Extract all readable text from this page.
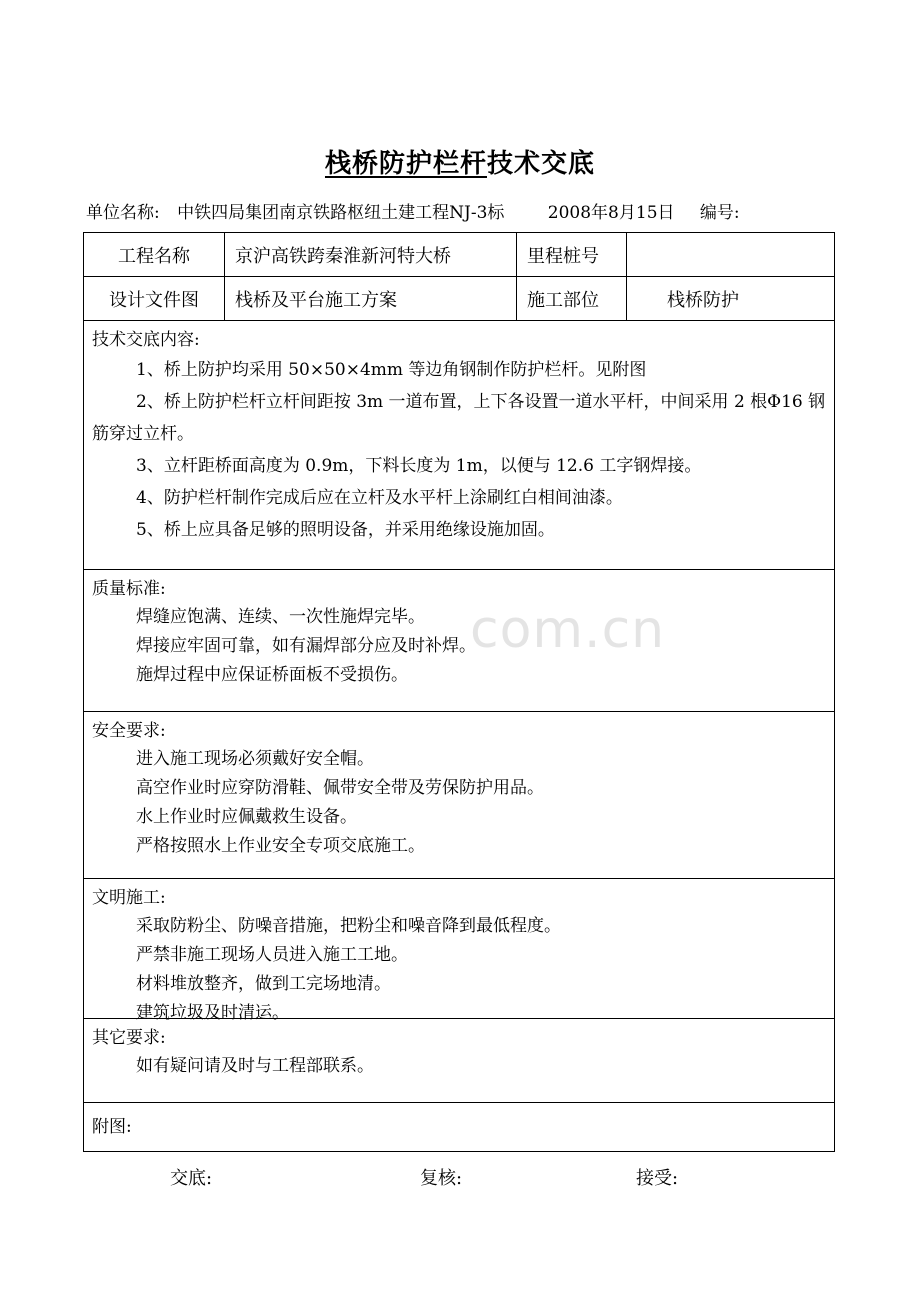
栈桥防护栏杆技术交底
单位名称: 中铁四局集团南京铁路枢纽土建工程NJ-3标	2008年8月15日 编号:
工程名称	京沪高铁跨秦淮新河特大桥	里程桩号
设计文件图	栈桥及平台施工方案	施工部位	栈桥防护
技术交底内容:
1、桥上防护均采用 50×50×4mm 等边角钢制作防护栏杆。见附图
2、桥上防护栏杆立杆间距按 3m 一道布置，上下各设置一道水平杆，中间采用 2 根Φ16 钢筋穿过立杆。
3、立杆距桥面高度为 0.9m，下料长度为 1m，以便与 12.6 工字钢焊接。
4、防护栏杆制作完成后应在立杆及水平杆上涂刷红白相间油漆。
5、桥上应具备足够的照明设备，并采用绝缘设施加固。
质量标准:
焊缝应饱满、连续、一次性施焊完毕。
焊接应牢固可靠，如有漏焊部分应及时补焊。
施焊过程中应保证桥面板不受损伤。
安全要求:
进入施工现场必须戴好安全帽。
高空作业时应穿防滑鞋、佩带安全带及劳保防护用品。
水上作业时应佩戴救生设备。
严格按照水上作业安全专项交底施工。
文明施工:
采取防粉尘、防噪音措施，把粉尘和噪音降到最低程度。
严禁非施工现场人员进入施工工地。
材料堆放整齐，做到工完场地清。
建筑垃圾及时清运。
其它要求:
如有疑问请及时与工程部联系。
附图:
com.cn
交底:	复核:	接受:
